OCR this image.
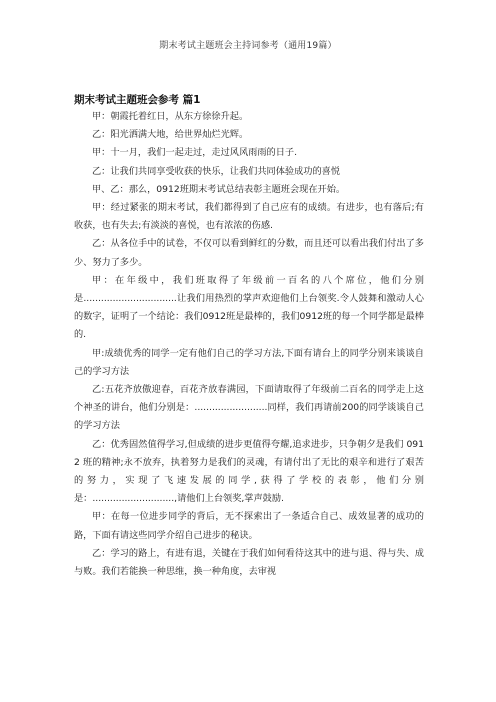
期末考试主题班会主持词参考（通用19篇）
期末考试主题班会参考 篇1

甲：朝霞托着红日，从东方徐徐升起。

乙：阳光洒满大地，给世界灿烂光辉。

甲：十一月，我们一起走过，走过风风雨雨的日子.

乙：让我们共同享受收获的快乐，让我们共同体验成功的喜悦

甲、乙：那么，0912班期末考试总结表彰主题班会现在开始。

甲：经过紧张的期末考试，我们都得到了自己应有的成绩。有进步，也有落后;有收获，也有失去;有淡淡的喜悦，也有浓浓的伤感.

乙：从各位手中的试卷，不仅可以看到鲜红的分数，而且还可以看出我们付出了多少、努力了多少。

甲：在年级中，我们班取得了年级前一百名的八个席位，他们分别是................................让我们用热烈的掌声欢迎他们上台领奖.令人鼓舞和激动人心的数字，证明了一个结论：我们0912班是最棒的，我们0912班的每一个同学都是最棒的.

甲:成绩优秀的同学一定有他们自己的学习方法,下面有请台上的同学分别来谈谈自己的学习方法

乙:五花齐放傲迎春，百花齐放春满园，下面请取得了年级前二百名的同学走上这个神圣的讲台，他们分别是：.........................同样，我们再请前200的同学谈谈自己的学习方法

乙：优秀固然值得学习,但成绩的进步更值得夸耀,追求进步，只争朝夕是我们 0912 班的精神;永不放弃，执着努力是我们的灵魂，有请付出了无比的艰辛和进行了艰苦的努力，实现了飞速发展的同学,获得了学校的表彰，他们分别是：............................,请他们上台领奖,掌声鼓励.

甲：在每一位进步同学的背后，无不探索出了一条适合自己、成效显著的成功的路，下面有请这些同学介绍自己进步的秘诀。

乙：学习的路上，有进有退，关键在于我们如何看待这其中的进与退、得与失、成与败。我们若能换一种思维，换一种角度，去审视
